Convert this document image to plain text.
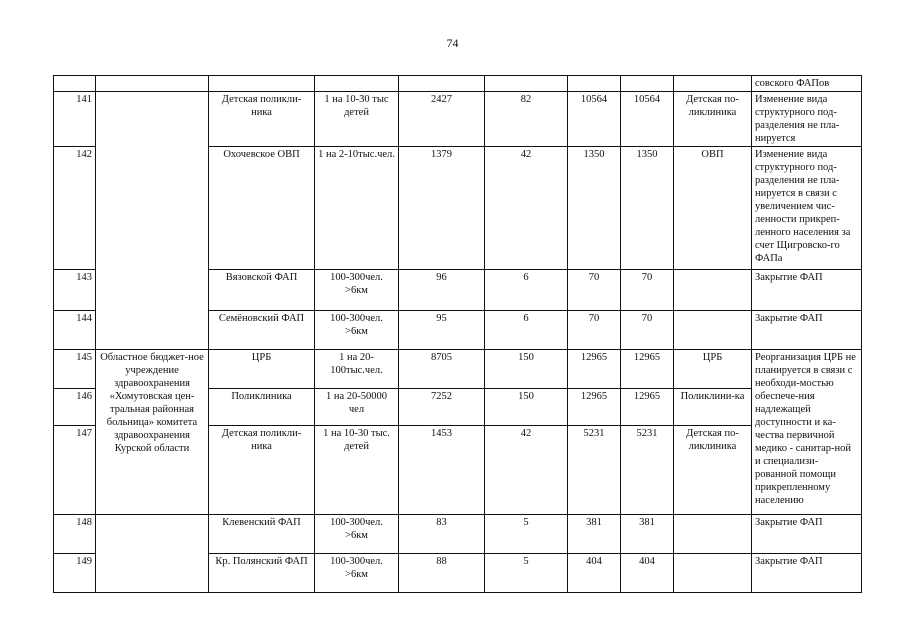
74
									совского ФАПов
141		Детская поликли-ника	1 на 10-30 тыс детей	2427	82	10564	10564	Детская по-ликлиника	Изменение вида структурного под-разделения не пла-нируется
142		Охочевское ОВП	1 на 2-10тыс.чел.	1379	42	1350	1350	ОВП	Изменение вида структурного под-разделения не пла-нируется в связи с увеличением чис-ленности прикреп-ленного населения за счет Щигровско-го ФАПа
143		Вязовской ФАП	100-300чел. >6км	96	6	70	70		Закрытие ФАП
144		Семёновский ФАП	100-300чел. >6км	95	6	70	70		Закрытие ФАП
145	Областное бюджет-ное учреждение здравоохранения «Хомутовская цен-тральная районная больница» комитета здравоохранения Курской области	ЦРБ	1 на 20-100тыс.чел.	8705	150	12965	12965	ЦРБ	Реорганизация ЦРБ не планируется в связи с необходи-мостью обеспече-ния надлежащей доступности и ка-чества первичной медико - санитар-ной и специализи-рованной помощи прикрепленному населению
146		Поликлиника	1 на 20-50000 чел	7252	150	12965	12965	Поликлини-ка	
147		Детская поликли-ника	1 на 10-30 тыс. детей	1453	42	5231	5231	Детская по-ликлиника	
148		Клевенский ФАП	100-300чел. >6км	83	5	381	381		Закрытие ФАП
149		Кр. Полянский ФАП	100-300чел. >6км	88	5	404	404		Закрытие ФАП
